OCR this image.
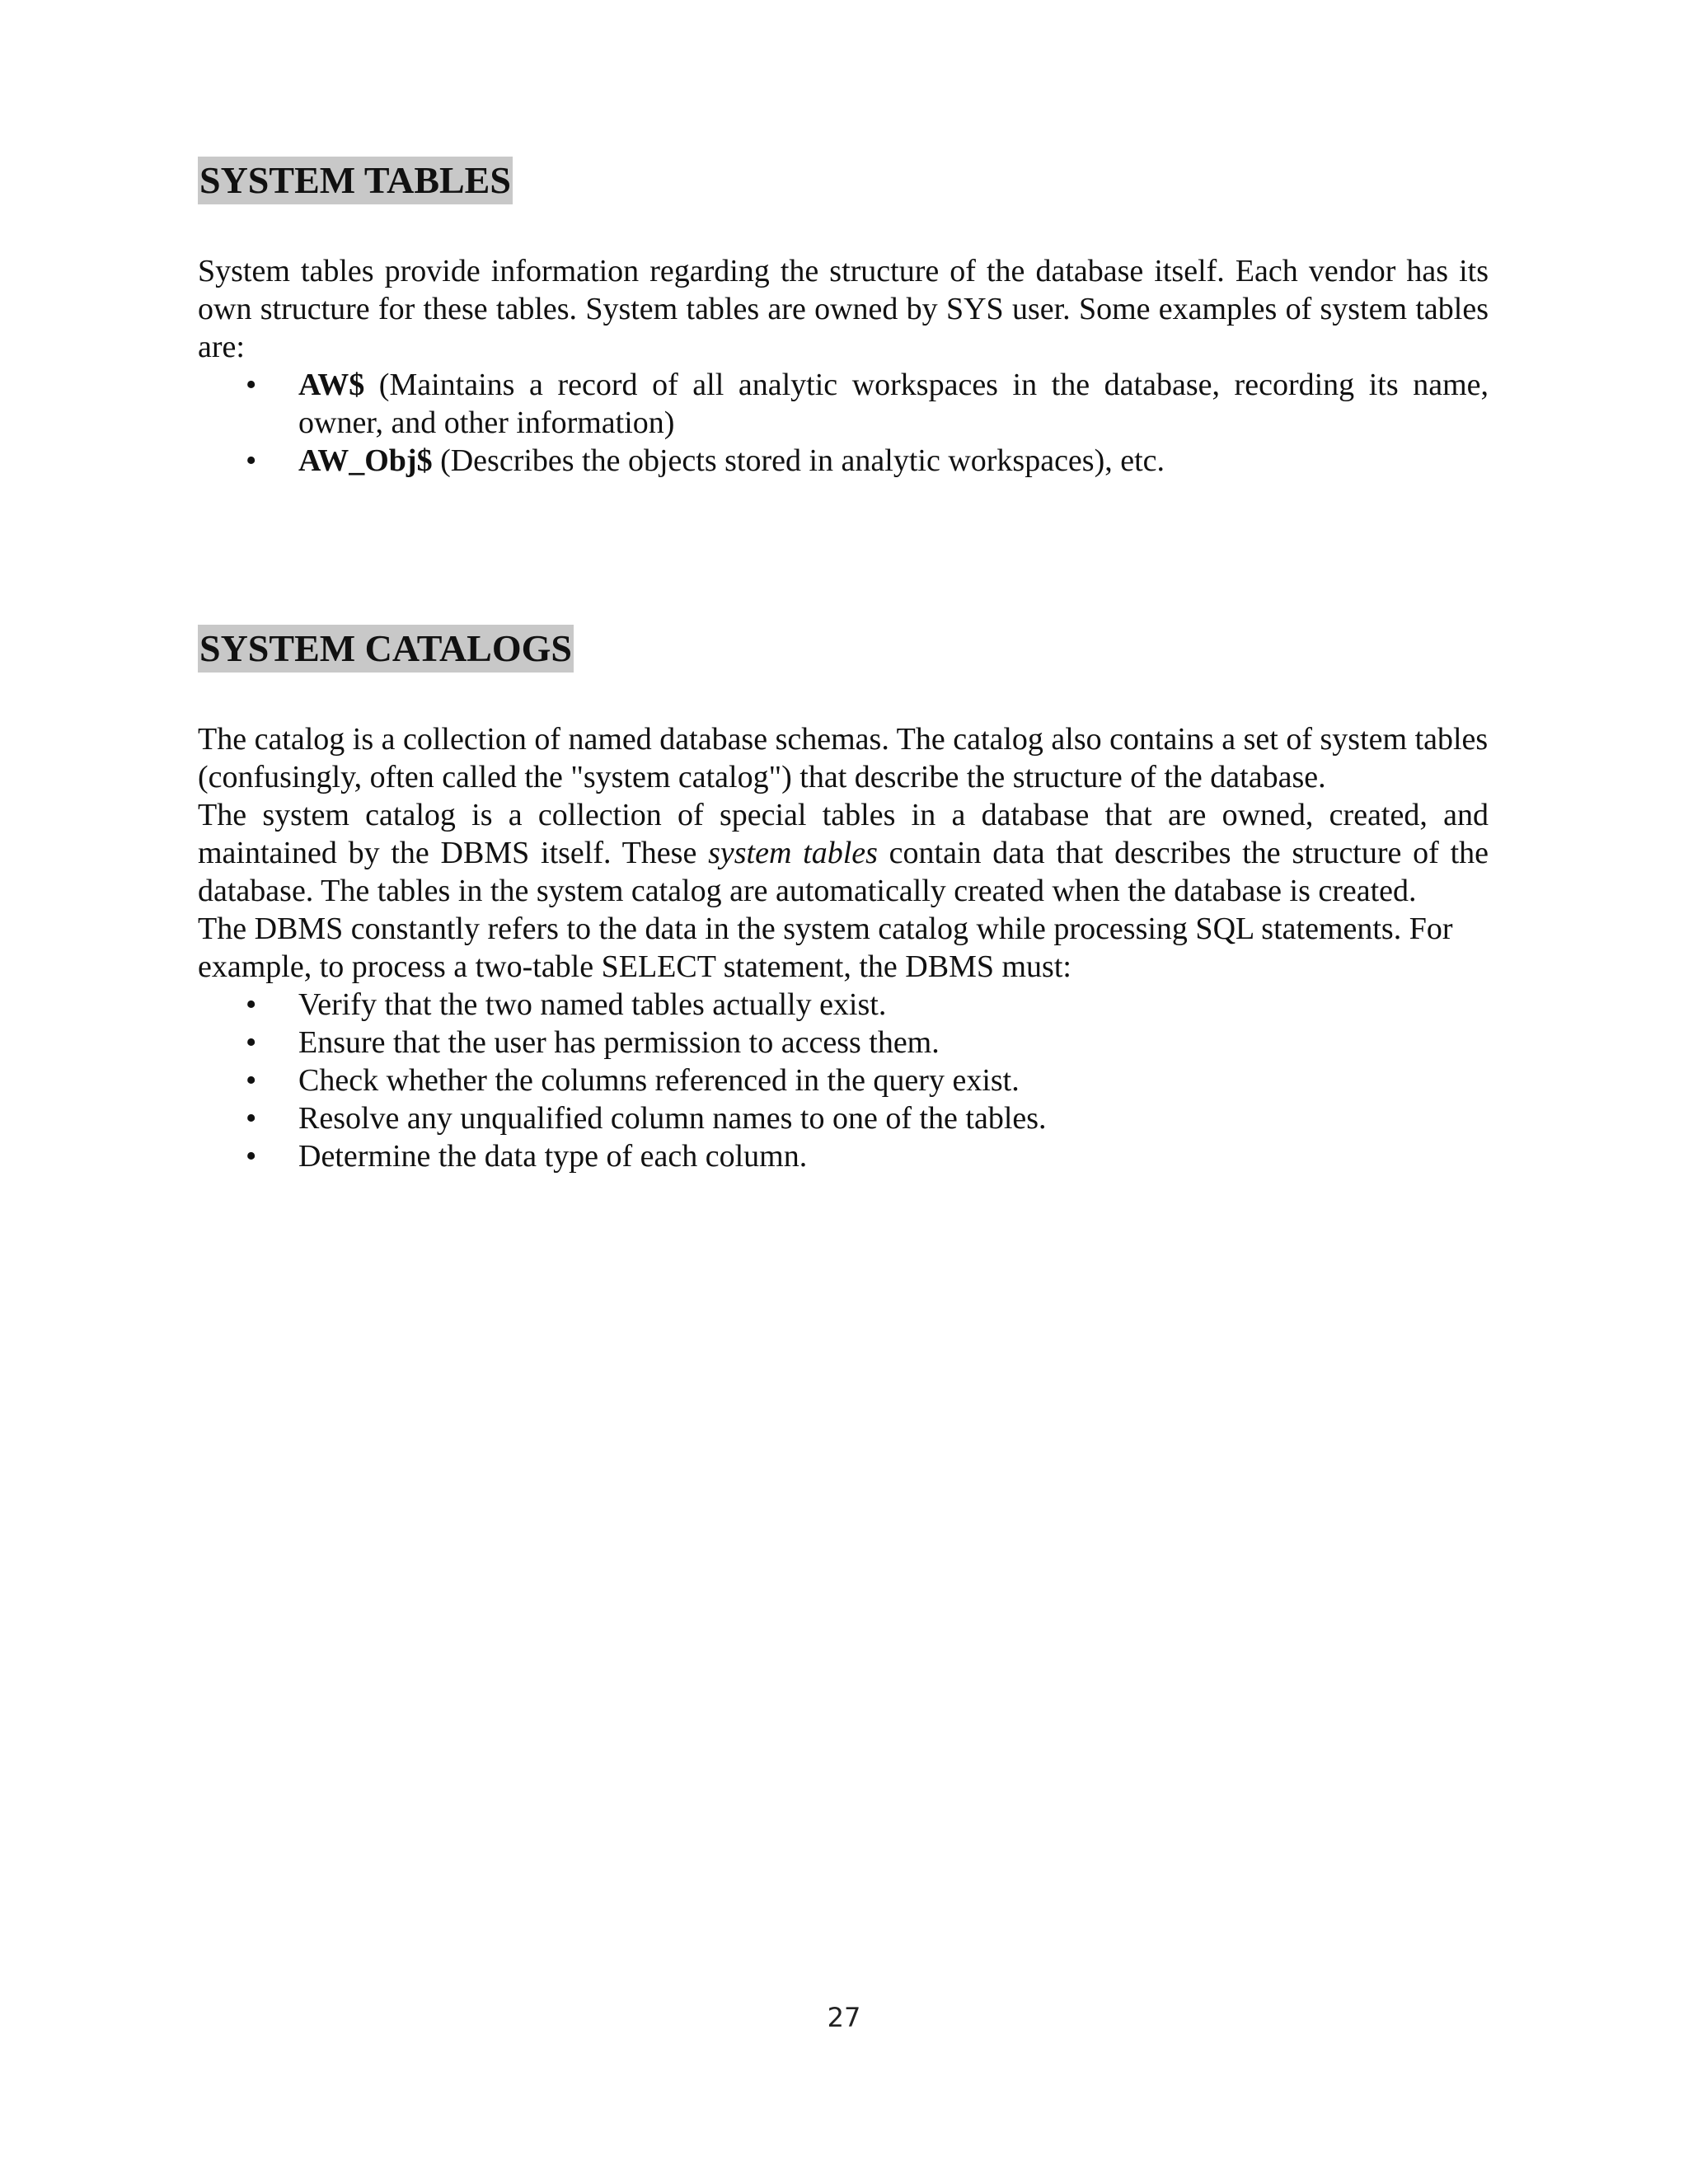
SYSTEM TABLES

System tables provide information regarding the structure of the database itself. Each vendor has its own structure for these tables. System tables are owned by SYS user. Some examples of system tables are:

• AW$ (Maintains a record of all analytic workspaces in the database, recording its name, owner, and other information)
• AW_Obj$ (Describes the objects stored in analytic workspaces), etc.
SYSTEM CATALOGS

The catalog is a collection of named database schemas. The catalog also contains a set of system tables (confusingly, often called the "system catalog") that describe the structure of the database.

The system catalog is a collection of special tables in a database that are owned, created, and maintained by the DBMS itself. These system tables contain data that describes the structure of the database. The tables in the system catalog are automatically created when the database is created.

The DBMS constantly refers to the data in the system catalog while processing SQL statements. For example, to process a two-table SELECT statement, the DBMS must:

• Verify that the two named tables actually exist.
• Ensure that the user has permission to access them.
• Check whether the columns referenced in the query exist.
• Resolve any unqualified column names to one of the tables.
• Determine the data type of each column.
27
